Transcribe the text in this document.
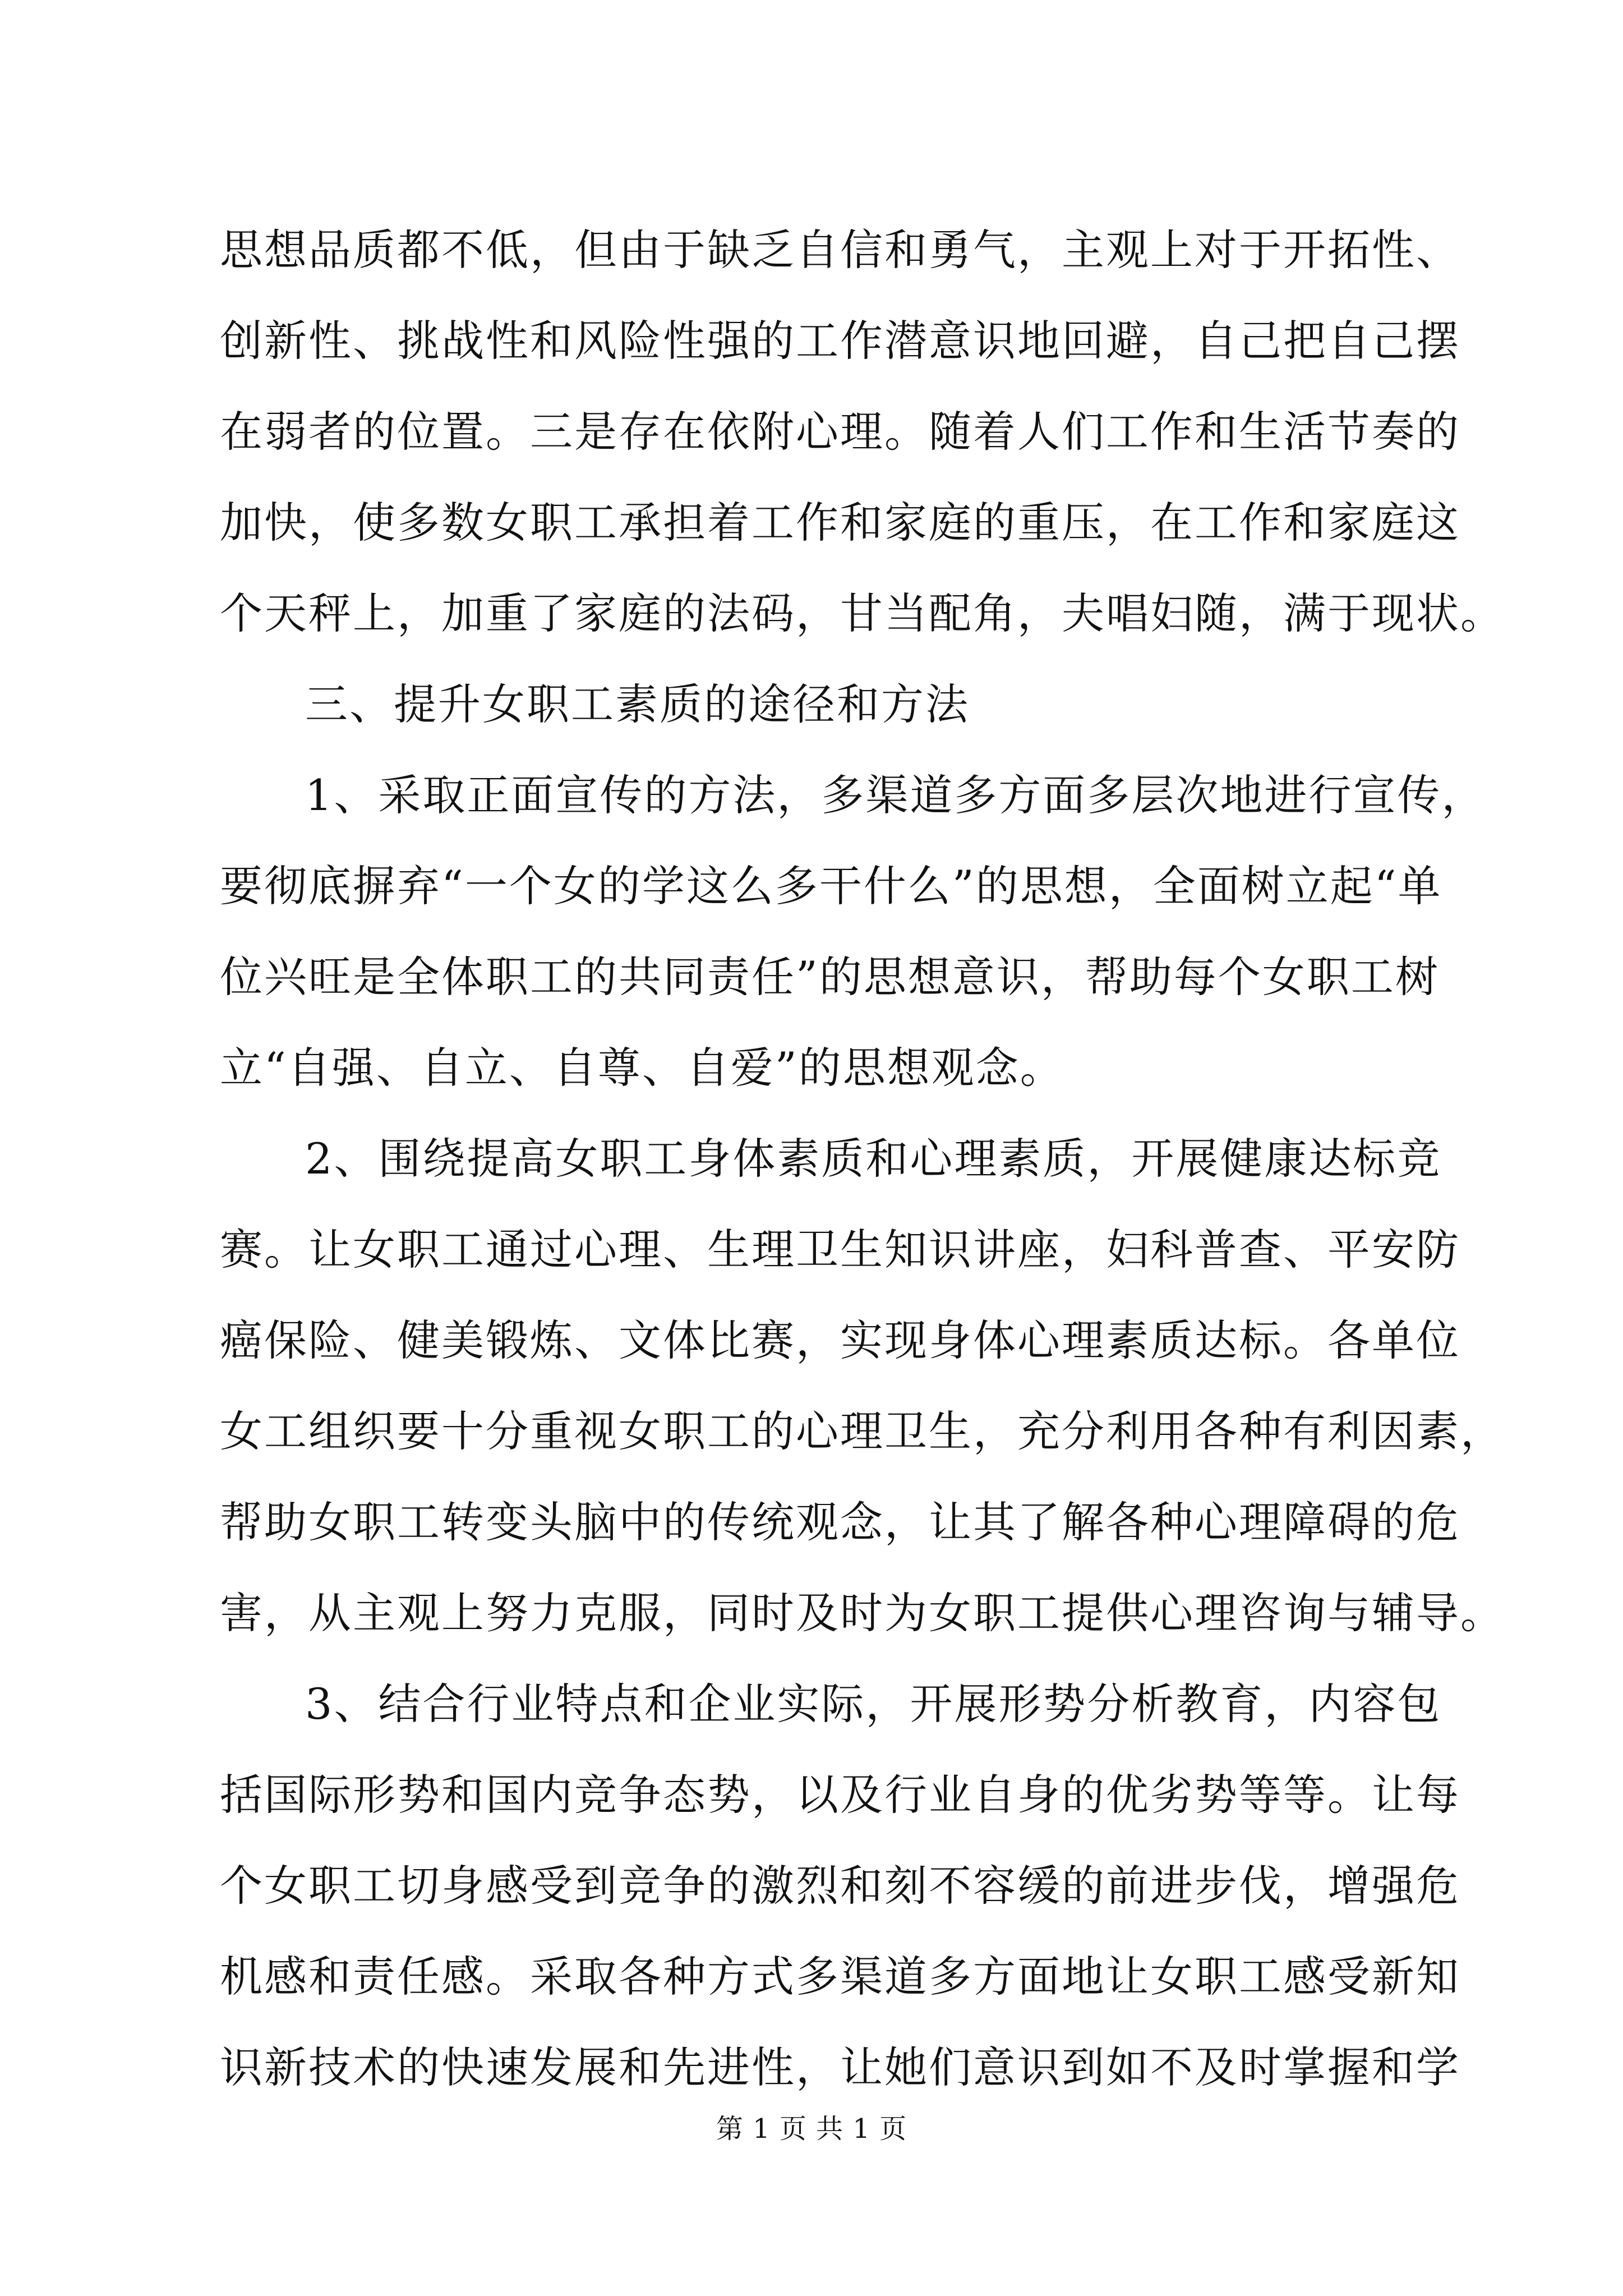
思想品质都不低，但由于缺乏自信和勇气，主观上对于开拓性、
创新性、挑战性和风险性强的工作潜意识地回避，自己把自己摆
在弱者的位置。三是存在依附心理。随着人们工作和生活节奏的
加快，使多数女职工承担着工作和家庭的重压，在工作和家庭这
个天秤上，加重了家庭的法码，甘当配角，夫唱妇随，满于现状。
三、提升女职工素质的途径和方法
1、采取正面宣传的方法，多渠道多方面多层次地进行宣传，
要彻底摒弃“一个女的学这么多干什么”的思想，全面树立起“单
位兴旺是全体职工的共同责任”的思想意识，帮助每个女职工树
立“自强、自立、自尊、自爱”的思想观念。
2、围绕提高女职工身体素质和心理素质，开展健康达标竞
赛。让女职工通过心理、生理卫生知识讲座，妇科普查、平安防
癌保险、健美锻炼、文体比赛，实现身体心理素质达标。各单位
女工组织要十分重视女职工的心理卫生，充分利用各种有利因素，
帮助女职工转变头脑中的传统观念，让其了解各种心理障碍的危
害，从主观上努力克服，同时及时为女职工提供心理咨询与辅导。
3、结合行业特点和企业实际，开展形势分析教育，内容包
括国际形势和国内竞争态势，以及行业自身的优劣势等等。让每
个女职工切身感受到竞争的激烈和刻不容缓的前进步伐，增强危
机感和责任感。采取各种方式多渠道多方面地让女职工感受新知
识新技术的快速发展和先进性，让她们意识到如不及时掌握和学
第 1 页 共 1 页
